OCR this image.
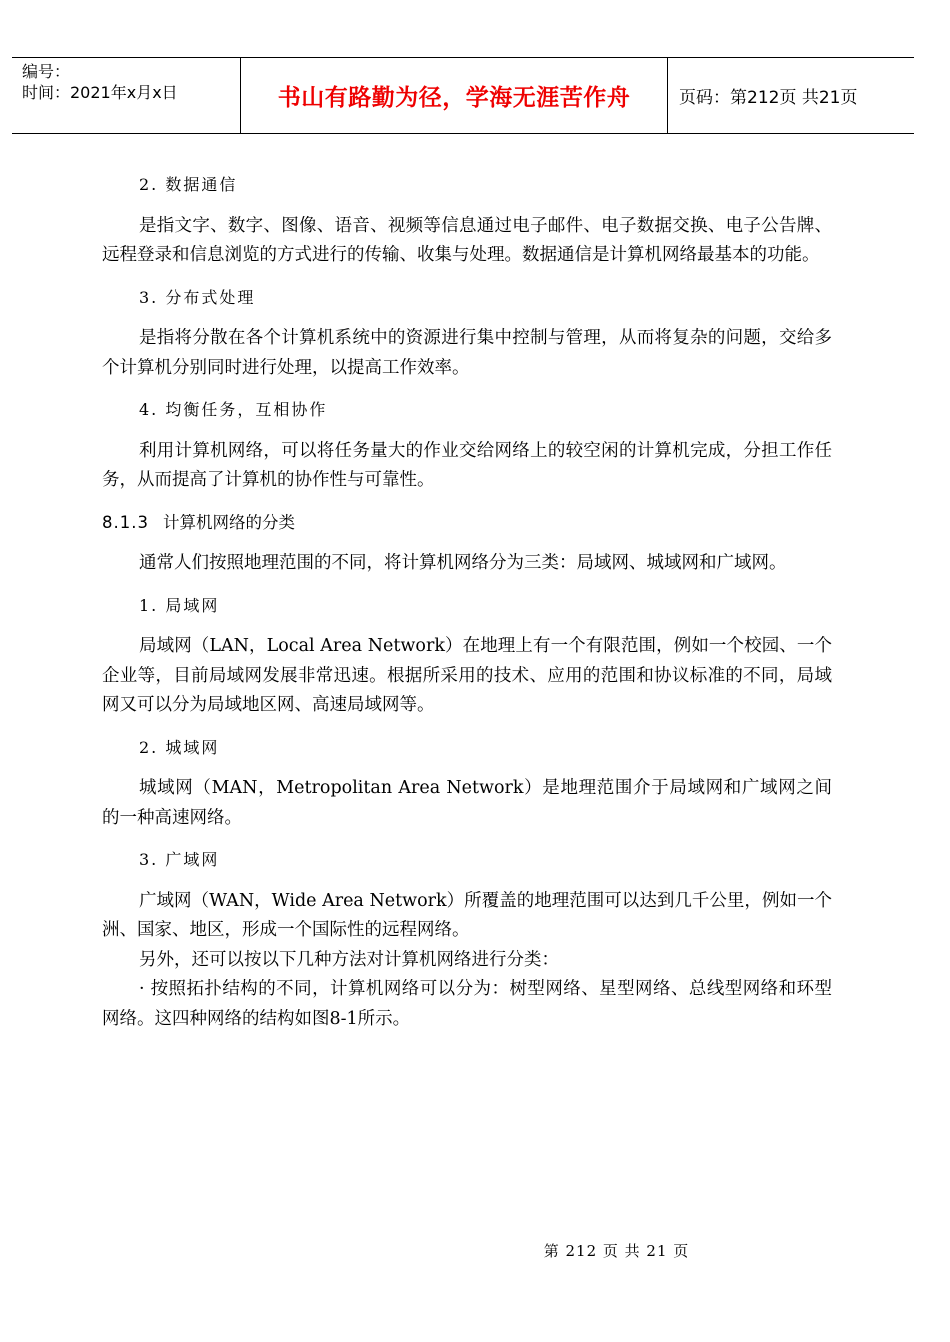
编号：
时间：2021年x月x日	书山有路勤为径，学海无涯苦作舟	页码：第212页 共21页

2. 数据通信

是指文字、数字、图像、语音、视频等信息通过电子邮件、电子数据交换、电子公告牌、远程登录和信息浏览的方式进行的传输、收集与处理。数据通信是计算机网络最基本的功能。

3. 分布式处理

是指将分散在各个计算机系统中的资源进行集中控制与管理，从而将复杂的问题，交给多个计算机分别同时进行处理，以提高工作效率。

4. 均衡任务，互相协作

利用计算机网络，可以将任务量大的作业交给网络上的较空闲的计算机完成，分担工作任务，从而提高了计算机的协作性与可靠性。

8.1.3 计算机网络的分类

通常人们按照地理范围的不同，将计算机网络分为三类：局域网、城域网和广域网。

1. 局域网

局域网（LAN，Local Area Network）在地理上有一个有限范围，例如一个校园、一个企业等，目前局域网发展非常迅速。根据所采用的技术、应用的范围和协议标准的不同，局域网又可以分为局域地区网、高速局域网等。

2. 城域网

城域网（MAN，Metropolitan Area Network）是地理范围介于局域网和广域网之间的一种高速网络。

3. 广域网

广域网（WAN，Wide Area Network）所覆盖的地理范围可以达到几千公里，例如一个洲、国家、地区，形成一个国际性的远程网络。

另外，还可以按以下几种方法对计算机网络进行分类：

· 按照拓扑结构的不同，计算机网络可以分为：树型网络、星型网络、总线型网络和环型网络。这四种网络的结构如图8-1所示。

第 212 页 共 21 页
